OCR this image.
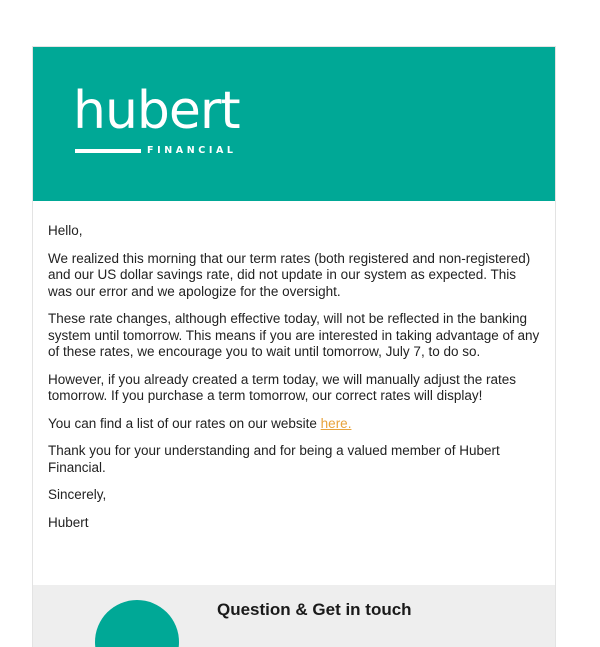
hubert
FINANCIAL

Hello,

We realized this morning that our term rates (both registered and non-registered) and our US dollar savings rate, did not update in our system as expected. This was our error and we apologize for the oversight.

These rate changes, although effective today, will not be reflected in the banking system until tomorrow. This means if you are interested in taking advantage of any of these rates, we encourage you to wait until tomorrow, July 7, to do so.

However, if you already created a term today, we will manually adjust the rates tomorrow. If you purchase a term tomorrow, our correct rates will display!

You can find a list of our rates on our website here.

Thank you for your understanding and for being a valued member of Hubert Financial.

Sincerely,

Hubert

Question & Get in touch
